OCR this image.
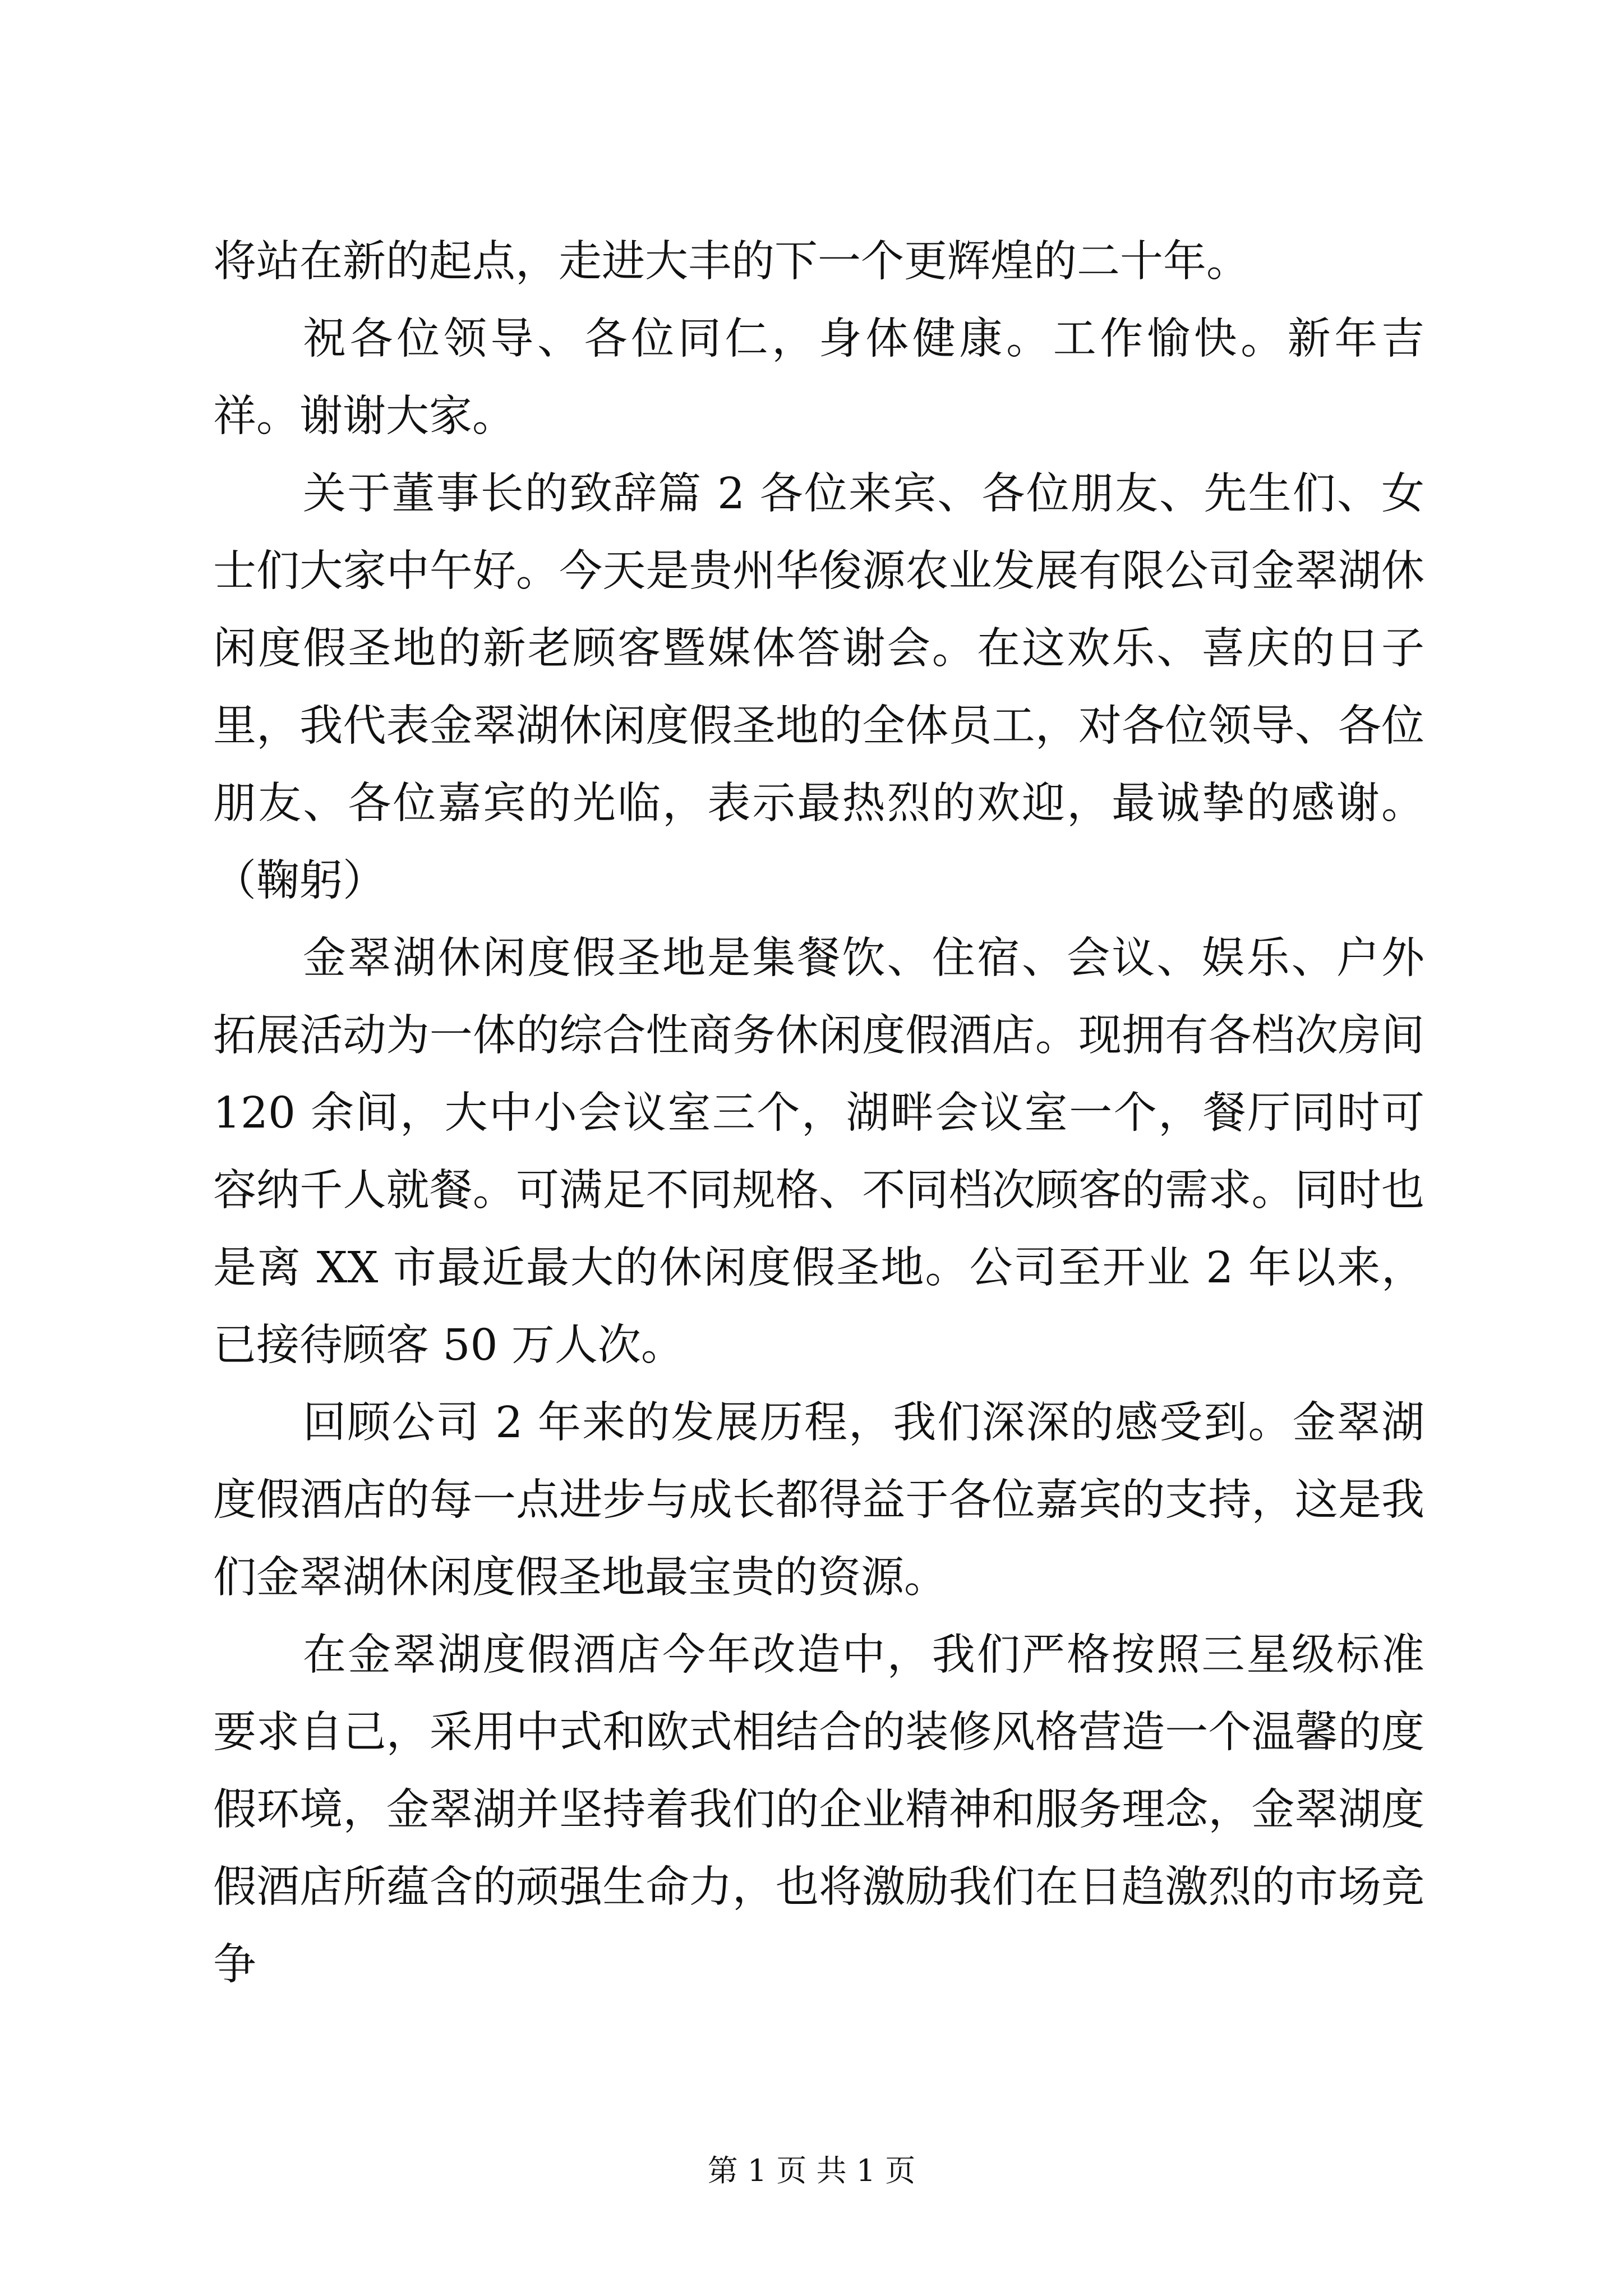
将站在新的起点，走进大丰的下一个更辉煌的二十年。

祝各位领导、各位同仁，身体健康。工作愉快。新年吉祥。谢谢大家。

关于董事长的致辞篇 2 各位来宾、各位朋友、先生们、女士们大家中午好。今天是贵州华俊源农业发展有限公司金翠湖休闲度假圣地的新老顾客暨媒体答谢会。在这欢乐、喜庆的日子里，我代表金翠湖休闲度假圣地的全体员工，对各位领导、各位朋友、各位嘉宾的光临，表示最热烈的欢迎，最诚挚的感谢。（鞠躬）

金翠湖休闲度假圣地是集餐饮、住宿、会议、娱乐、户外拓展活动为一体的综合性商务休闲度假酒店。现拥有各档次房间 120 余间，大中小会议室三个，湖畔会议室一个，餐厅同时可容纳千人就餐。可满足不同规格、不同档次顾客的需求。同时也是离 XX 市最近最大的休闲度假圣地。公司至开业 2 年以来，已接待顾客 50 万人次。

回顾公司 2 年来的发展历程，我们深深的感受到。金翠湖度假酒店的每一点进步与成长都得益于各位嘉宾的支持，这是我们金翠湖休闲度假圣地最宝贵的资源。

在金翠湖度假酒店今年改造中，我们严格按照三星级标准要求自己，采用中式和欧式相结合的装修风格营造一个温馨的度假环境，金翠湖并坚持着我们的企业精神和服务理念，金翠湖度假酒店所蕴含的顽强生命力，也将激励我们在日趋激烈的市场竞争

第 1 页 共 1 页
